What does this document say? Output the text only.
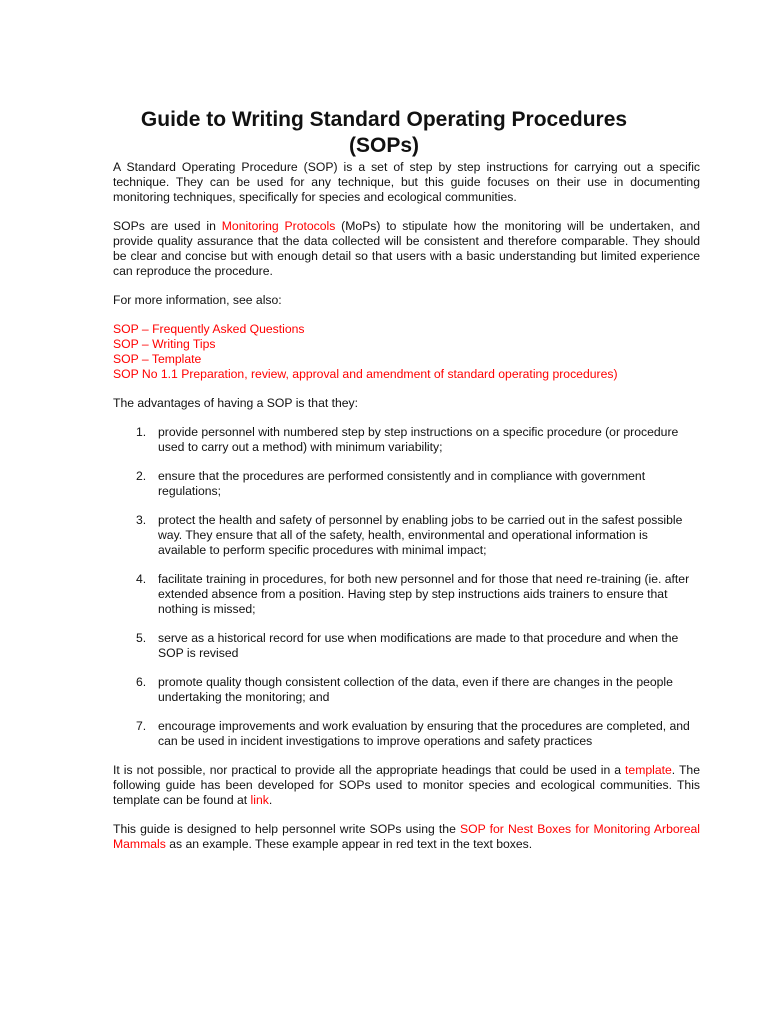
Guide to Writing Standard Operating Procedures
(SOPs)

A Standard Operating Procedure (SOP) is a set of step by step instructions for carrying out a specific technique. They can be used for any technique, but this guide focuses on their use in documenting monitoring techniques, specifically for species and ecological communities.

SOPs are used in Monitoring Protocols (MoPs) to stipulate how the monitoring will be undertaken, and provide quality assurance that the data collected will be consistent and therefore comparable. They should be clear and concise but with enough detail so that users with a basic understanding but limited experience can reproduce the procedure.

For more information, see also:

SOP – Frequently Asked Questions
SOP – Writing Tips
SOP – Template
SOP No 1.1 Preparation, review, approval and amendment of standard operating procedures)

The advantages of having a SOP is that they:

1. provide personnel with numbered step by step instructions on a specific procedure (or procedure used to carry out a method) with minimum variability;
2. ensure that the procedures are performed consistently and in compliance with government regulations;
3. protect the health and safety of personnel by enabling jobs to be carried out in the safest possible way. They ensure that all of the safety, health, environmental and operational information is available to perform specific procedures with minimal impact;
4. facilitate training in procedures, for both new personnel and for those that need re-training (ie. after extended absence from a position. Having step by step instructions aids trainers to ensure that nothing is missed;
5. serve as a historical record for use when modifications are made to that procedure and when the SOP is revised
6. promote quality though consistent collection of the data, even if there are changes in the people undertaking the monitoring; and
7. encourage improvements and work evaluation by ensuring that the procedures are completed, and can be used in incident investigations to improve operations and safety practices

It is not possible, nor practical to provide all the appropriate headings that could be used in a template. The following guide has been developed for SOPs used to monitor species and ecological communities. This template can be found at link.

This guide is designed to help personnel write SOPs using the SOP for Nest Boxes for Monitoring Arboreal Mammals as an example. These example appear in red text in the text boxes.
